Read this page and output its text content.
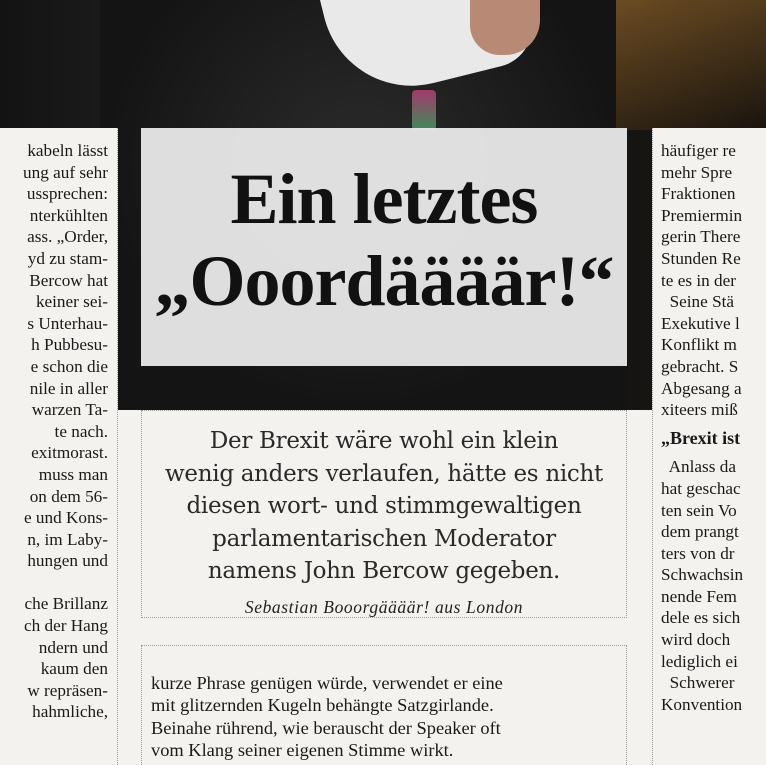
kabeln lässt
ung auf sehr
ussprechen:
nterkühlten
ass. „Order,
yd zu stam-
Bercow hat
keiner sei-
s Unterhau-
h Pubbesu-
e schon die
nile in aller
warzen Ta-
te nach.
exitmorast.
muss man
on dem 56-
e und Kons-
n, im Laby-
hungen und

che Brillanz
ch der Hang
ndern und
kaum den
w repräsen-
hahmliche,

häufiger re
mehr Spre
Fraktionen
Premiermin
gerin There
Stunden Re
te es in der
Seine Stä
Exekutive l
Konflikt m
gebracht. S
Abgesang a
xiteers miß
„Brexit ist
Anlass da
hat geschac
ten sein Vo
dem prangt
ters von dr
Schwachsin
nende Fem
dele es sich
wird doch
lediglich ei
Schwerer
Konvention

Ein letztes
„Ooordäääär!“

Der Brexit wäre wohl ein klein
wenig anders verlaufen, hätte es nicht
diesen wort- und stimmgewaltigen
parlamentarischen Moderator
namens John Bercow gegeben.

Sebastian Booorgäääär! aus London

kurze Phrase genügen würde, verwendet er eine
mit glitzernden Kugeln behängte Satzgirlande.
Beinahe rührend, wie berauscht der Speaker oft
vom Klang seiner eigenen Stimme wirkt.
